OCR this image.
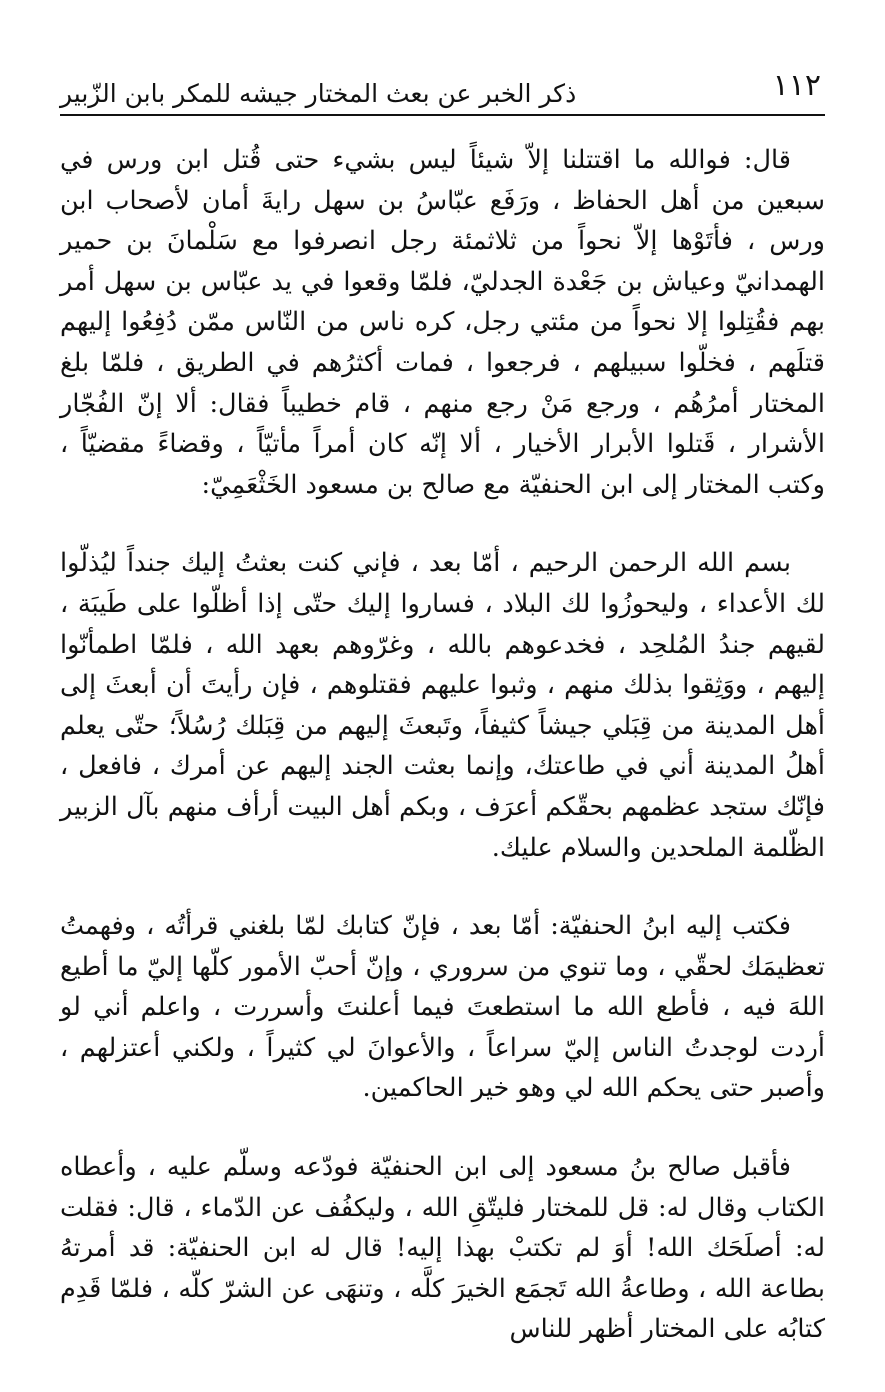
١١٢
ذكر الخبر عن بعث المختار جيشه للمكر بابن الزّبير

قال: فوالله ما اقتتلنا إلاّ شيئاً ليس بشيء حتى قُتل ابن ورس في سبعين من أهل الحفاظ ، ورَفَع عبّاسُ بن سهل رايةَ أمان لأصحاب ابن ورس ، فأتَوْها إلاّ نحواً من ثلاثمئة رجل انصرفوا مع سَلْمانَ بن حمير الهمدانيّ وعياش بن جَعْدة الجدليّ، فلمّا وقعوا في يد عبّاس بن سهل أمر بهم فقُتِلوا إلا نحواً من مئتي رجل، كره ناس من النّاس ممّن دُفِعُوا إليهم قتلَهم ، فخلّوا سبيلهم ، فرجعوا ، فمات أكثرُهم في الطريق ، فلمّا بلغ المختار أمرُهُم ، ورجع مَنْ رجع منهم ، قام خطيباً فقال: ألا إنّ الفُجّار الأشرار ، قَتلوا الأبرار الأخيار ، ألا إنّه كان أمراً مأتيّاً ، وقضاءً مقضيّاً ، وكتب المختار إلى ابن الحنفيّة مع صالح بن مسعود الخَثْعَمِيّ:

بسم الله الرحمن الرحيم ، أمّا بعد ، فإني كنت بعثتُ إليك جنداً ليُذلّوا لك الأعداء ، وليحوزُوا لك البلاد ، فساروا إليك حتّى إذا أظلّوا على طَيبَة ، لقيهم جندُ المُلحِد ، فخدعوهم بالله ، وغرّوهم بعهد الله ، فلمّا اطمأنّوا إليهم ، ووَثِقوا بذلك منهم ، وثبوا عليهم فقتلوهم ، فإن رأيتَ أن أبعثَ إلى أهل المدينة من قِبَلي جيشاً كثيفاً، وتَبعثَ إليهم من قِبَلك رُسُلاً؛ حتّى يعلم أهلُ المدينة أني في طاعتك، وإنما بعثت الجند إليهم عن أمرك ، فافعل ، فإنّك ستجد عظمهم بحقّكم أعرَف ، وبكم أهل البيت أرأف منهم بآل الزبير الظّلمة الملحدين والسلام عليك.

فكتب إليه ابنُ الحنفيّة: أمّا بعد ، فإنّ كتابك لمّا بلغني قرأتُه ، وفهمتُ تعظيمَك لحقّي ، وما تنوي من سروري ، وإنّ أحبّ الأمور كلّها إليّ ما أطيع اللهَ فيه ، فأطع الله ما استطعتَ فيما أعلنتَ وأسررت ، واعلم أني لو أردت لوجدتُ الناس إليّ سراعاً ، والأعوانَ لي كثيراً ، ولكني أعتزلهم ، وأصبر حتى يحكم الله لي وهو خير الحاكمين.

فأقبل صالح بنُ مسعود إلى ابن الحنفيّة فودّعه وسلّم عليه ، وأعطاه الكتاب وقال له: قل للمختار فليتّقِ الله ، وليكفُف عن الدّماء ، قال: فقلت له: أصلَحَك الله! أوَ لم تكتبْ بهذا إليه! قال له ابن الحنفيّة: قد أمرتهُ بطاعة الله ، وطاعةُ الله تَجمَع الخيرَ كلَّه ، وتنهَى عن الشرّ كلّه ، فلمّا قَدِم كتابُه على المختار أظهر للناس
